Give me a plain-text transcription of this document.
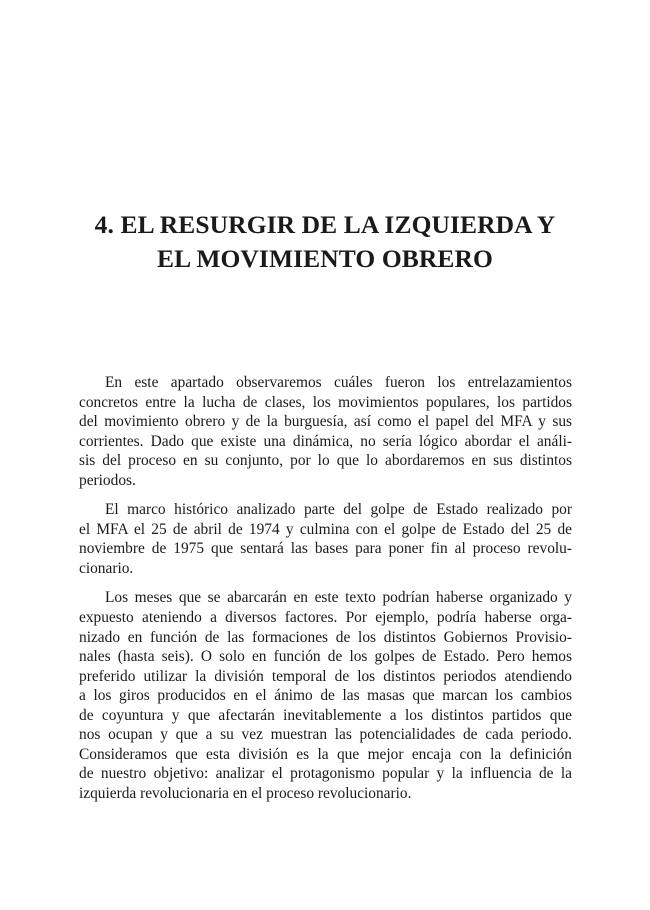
4. EL RESURGIR DE LA IZQUIERDA Y
EL MOVIMIENTO OBRERO

En este apartado observaremos cuáles fueron los entrelazamientos
concretos entre la lucha de clases, los movimientos populares, los partidos
del movimiento obrero y de la burguesía, así como el papel del MFA y sus
corrientes. Dado que existe una dinámica, no sería lógico abordar el análi-
sis del proceso en su conjunto, por lo que lo abordaremos en sus distintos
periodos.

El marco histórico analizado parte del golpe de Estado realizado por
el MFA el 25 de abril de 1974 y culmina con el golpe de Estado del 25 de
noviembre de 1975 que sentará las bases para poner fin al proceso revolu-
cionario.

Los meses que se abarcarán en este texto podrían haberse organizado y
expuesto ateniendo a diversos factores. Por ejemplo, podría haberse orga-
nizado en función de las formaciones de los distintos Gobiernos Provisio-
nales (hasta seis). O solo en función de los golpes de Estado. Pero hemos
preferido utilizar la división temporal de los distintos periodos atendiendo
a los giros producidos en el ánimo de las masas que marcan los cambios
de coyuntura y que afectarán inevitablemente a los distintos partidos que
nos ocupan y que a su vez muestran las potencialidades de cada periodo.
Consideramos que esta división es la que mejor encaja con la definición
de nuestro objetivo: analizar el protagonismo popular y la influencia de la
izquierda revolucionaria en el proceso revolucionario.
